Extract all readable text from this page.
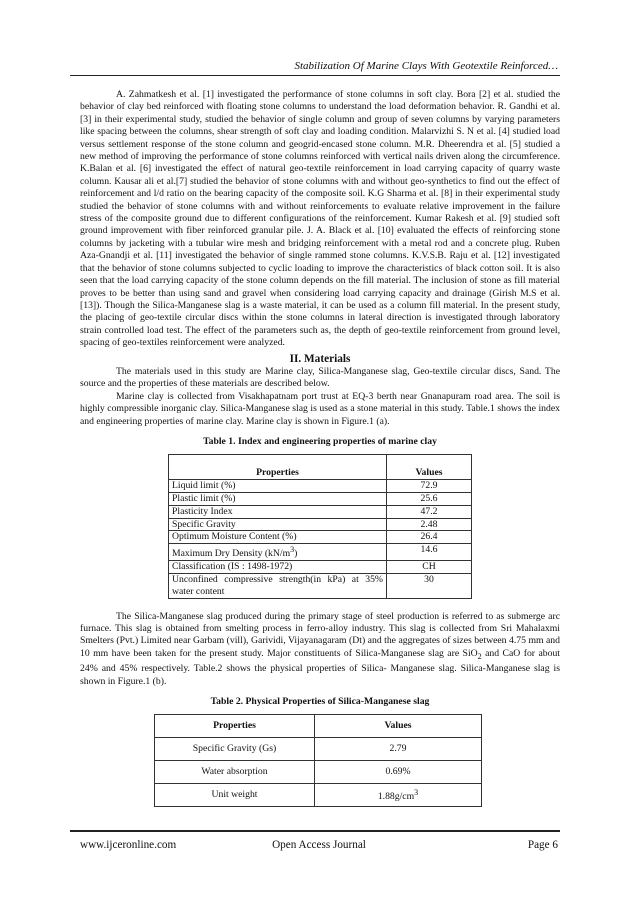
Stabilization Of Marine Clays With Geotextile Reinforced…

A. Zahmatkesh et al. [1] investigated the performance of stone columns in soft clay. Bora [2] et al. studied the behavior of clay bed reinforced with floating stone columns to understand the load deformation behavior. R. Gandhi et al.[3] in their experimental study, studied the behavior of single column and group of seven columns by varying parameters like spacing between the columns, shear strength of soft clay and loading condition. Malarvizhi S. N et al. [4] studied load versus settlement response of the stone column and geogrid-encased stone column. M.R. Dheerendra et al. [5] studied a new method of improving the performance of stone columns reinforced with vertical nails driven along the circumference. K.Balan et al. [6] investigated the effect of natural geo-textile reinforcement in load carrying capacity of quarry waste column. Kausar ali et al.[7] studied the behavior of stone columns with and without geo-synthetics to find out the effect of reinforcement and l/d ratio on the bearing capacity of the composite soil. K.G Sharma et al. [8] in their experimental study studied the behavior of stone columns with and without reinforcements to evaluate relative improvement in the failure stress of the composite ground due to different configurations of the reinforcement. Kumar Rakesh et al. [9] studied soft ground improvement with fiber reinforced granular pile. J. A. Black et al. [10] evaluated the effects of reinforcing stone columns by jacketing with a tubular wire mesh and bridging reinforcement with a metal rod and a concrete plug. Ruben Aza-Gnandji et al. [11] investigated the behavior of single rammed stone columns. K.V.S.B. Raju et al. [12] investigated that the behavior of stone columns subjected to cyclic loading to improve the characteristics of black cotton soil. It is also seen that the load carrying capacity of the stone column depends on the fill material. The inclusion of stone as fill material proves to be better than using sand and gravel when considering load carrying capacity and drainage (Girish M.S et al. [13]). Though the Silica-Manganese slag is a waste material, it can be used as a column fill material. In the present study, the placing of geo-textile circular discs within the stone columns in lateral direction is investigated through laboratory strain controlled load test. The effect of the parameters such as, the depth of geo-textile reinforcement from ground level, spacing of geo-textiles reinforcement were analyzed.

II. Materials

The materials used in this study are Marine clay, Silica-Manganese slag, Geo-textile circular discs, Sand. The source and the properties of these materials are described below.

Marine clay is collected from Visakhapatnam port trust at EQ-3 berth near Gnanapuram road area. The soil is highly compressible inorganic clay. Silica-Manganese slag is used as a stone material in this study. Table.1 shows the index and engineering properties of marine clay. Marine clay is shown in Figure.1 (a).

Table 1. Index and engineering properties of marine clay
Properties	Values
Liquid limit (%)	72.9
Plastic limit (%)	25.6
Plasticity Index	47.2
Specific Gravity	2.48
Optimum Moisture Content (%)	26.4
Maximum Dry Density $(kN/m^3)$	14.6
Classification (IS : 1498-1972)	CH
Unconfined compressive strength(in kPa) at 35% water content	30

The Silica-Manganese slag produced during the primary stage of steel production is referred to as submerge arc furnace. This slag is obtained from smelting process in ferro-alloy industry. This slag is collected from Sri Mahalaxmi Smelters (Pvt.) Limited near Garbam (vill), Garividi, Vijayanagaram (Dt) and the aggregates of sizes between 4.75 mm and 10 mm have been taken for the present study. Major constituents of Silica-Manganese slag are SiO$_2$ and CaO for about 24% and 45% respectively. Table.2 shows the physical properties of Silica- Manganese slag. Silica-Manganese slag is shown in Figure.1 (b).

Table 2. Physical Properties of Silica-Manganese slag
Properties	Values
Specific Gravity (Gs)	2.79
Water absorption	0.69%
Unit weight	$1.88g/cm^3$
www.ijceronline.com	Open Access Journal	Page 6
